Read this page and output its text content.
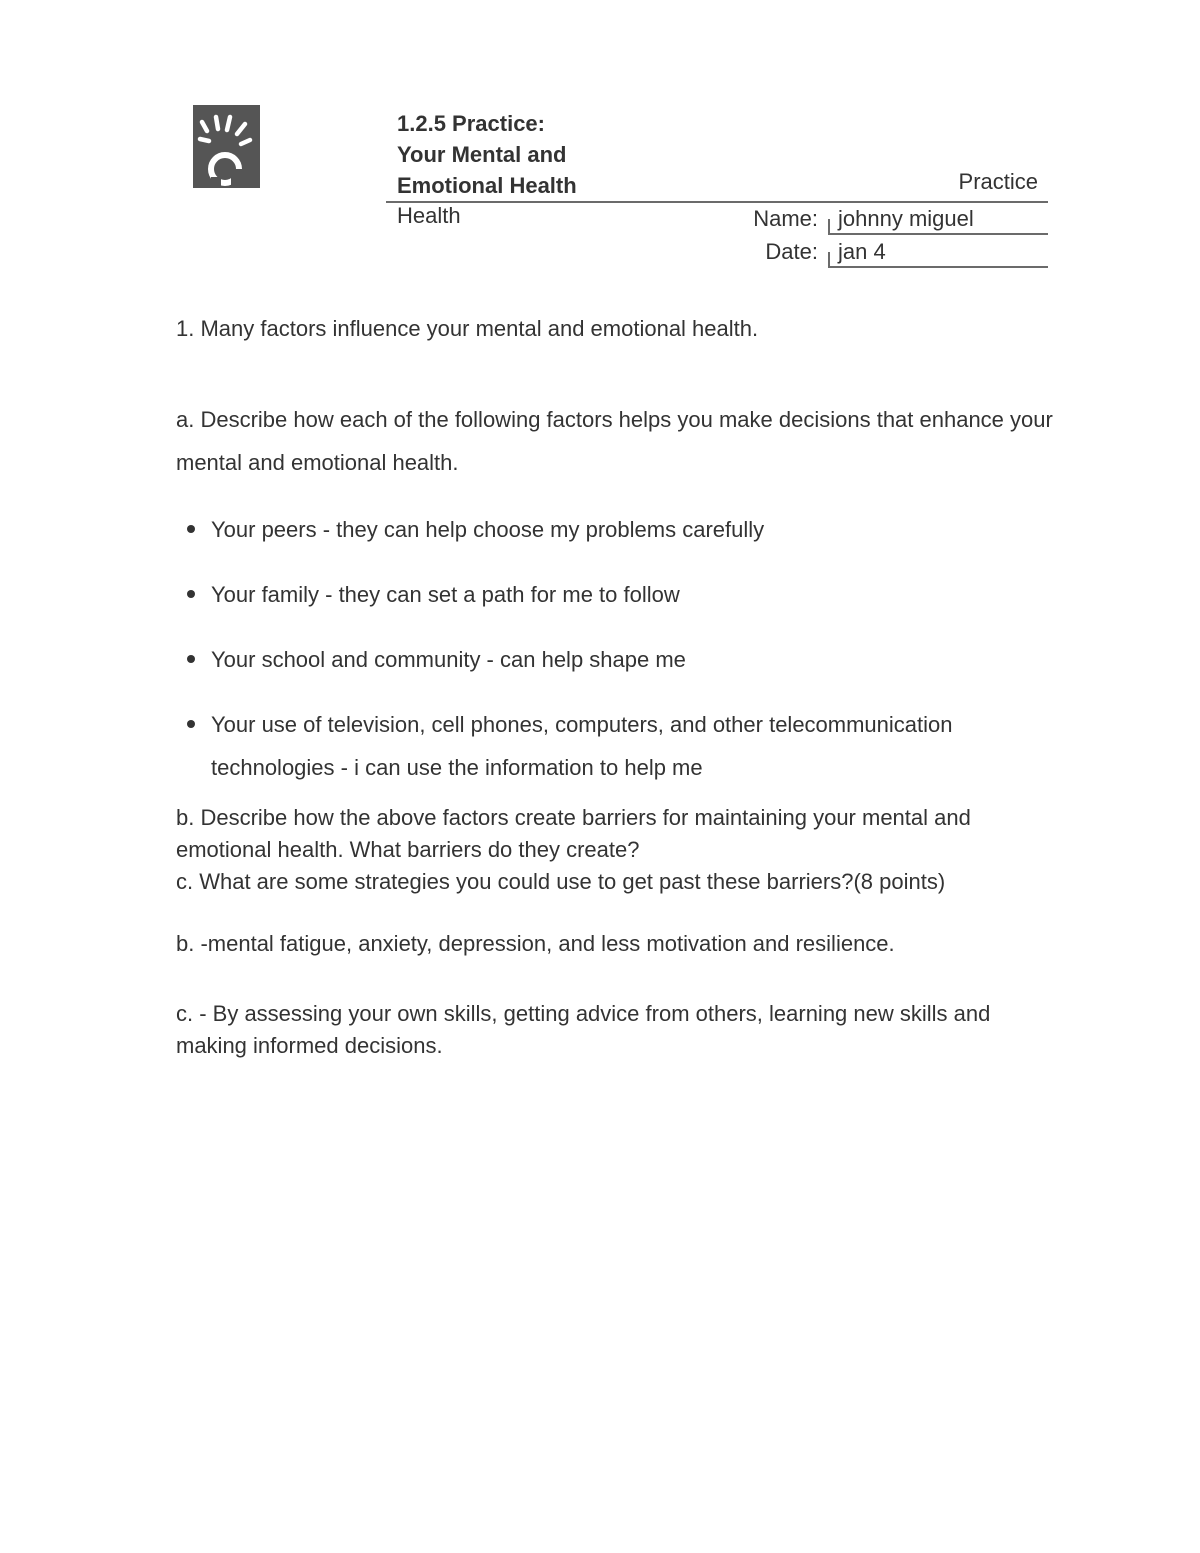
1.2.5 Practice:
Your Mental and
Emotional Health	Practice
Health	Name: johnny miguel
Date: jan 4
1. Many factors influence your mental and emotional health.
a. Describe how each of the following factors helps you make decisions that enhance your mental and emotional health.
Your peers - they can help choose my problems carefully
Your family - they can set a path for me to follow
Your school and community - can help shape me
Your use of television, cell phones, computers, and other telecommunication technologies - i can use the information to help me
b. Describe how the above factors create barriers for maintaining your mental and emotional health. What barriers do they create?
c. What are some strategies you could use to get past these barriers?(8 points)
b. -mental fatigue, anxiety, depression, and less motivation and resilience.
c. - By assessing your own skills, getting advice from others, learning new skills and making informed decisions.
